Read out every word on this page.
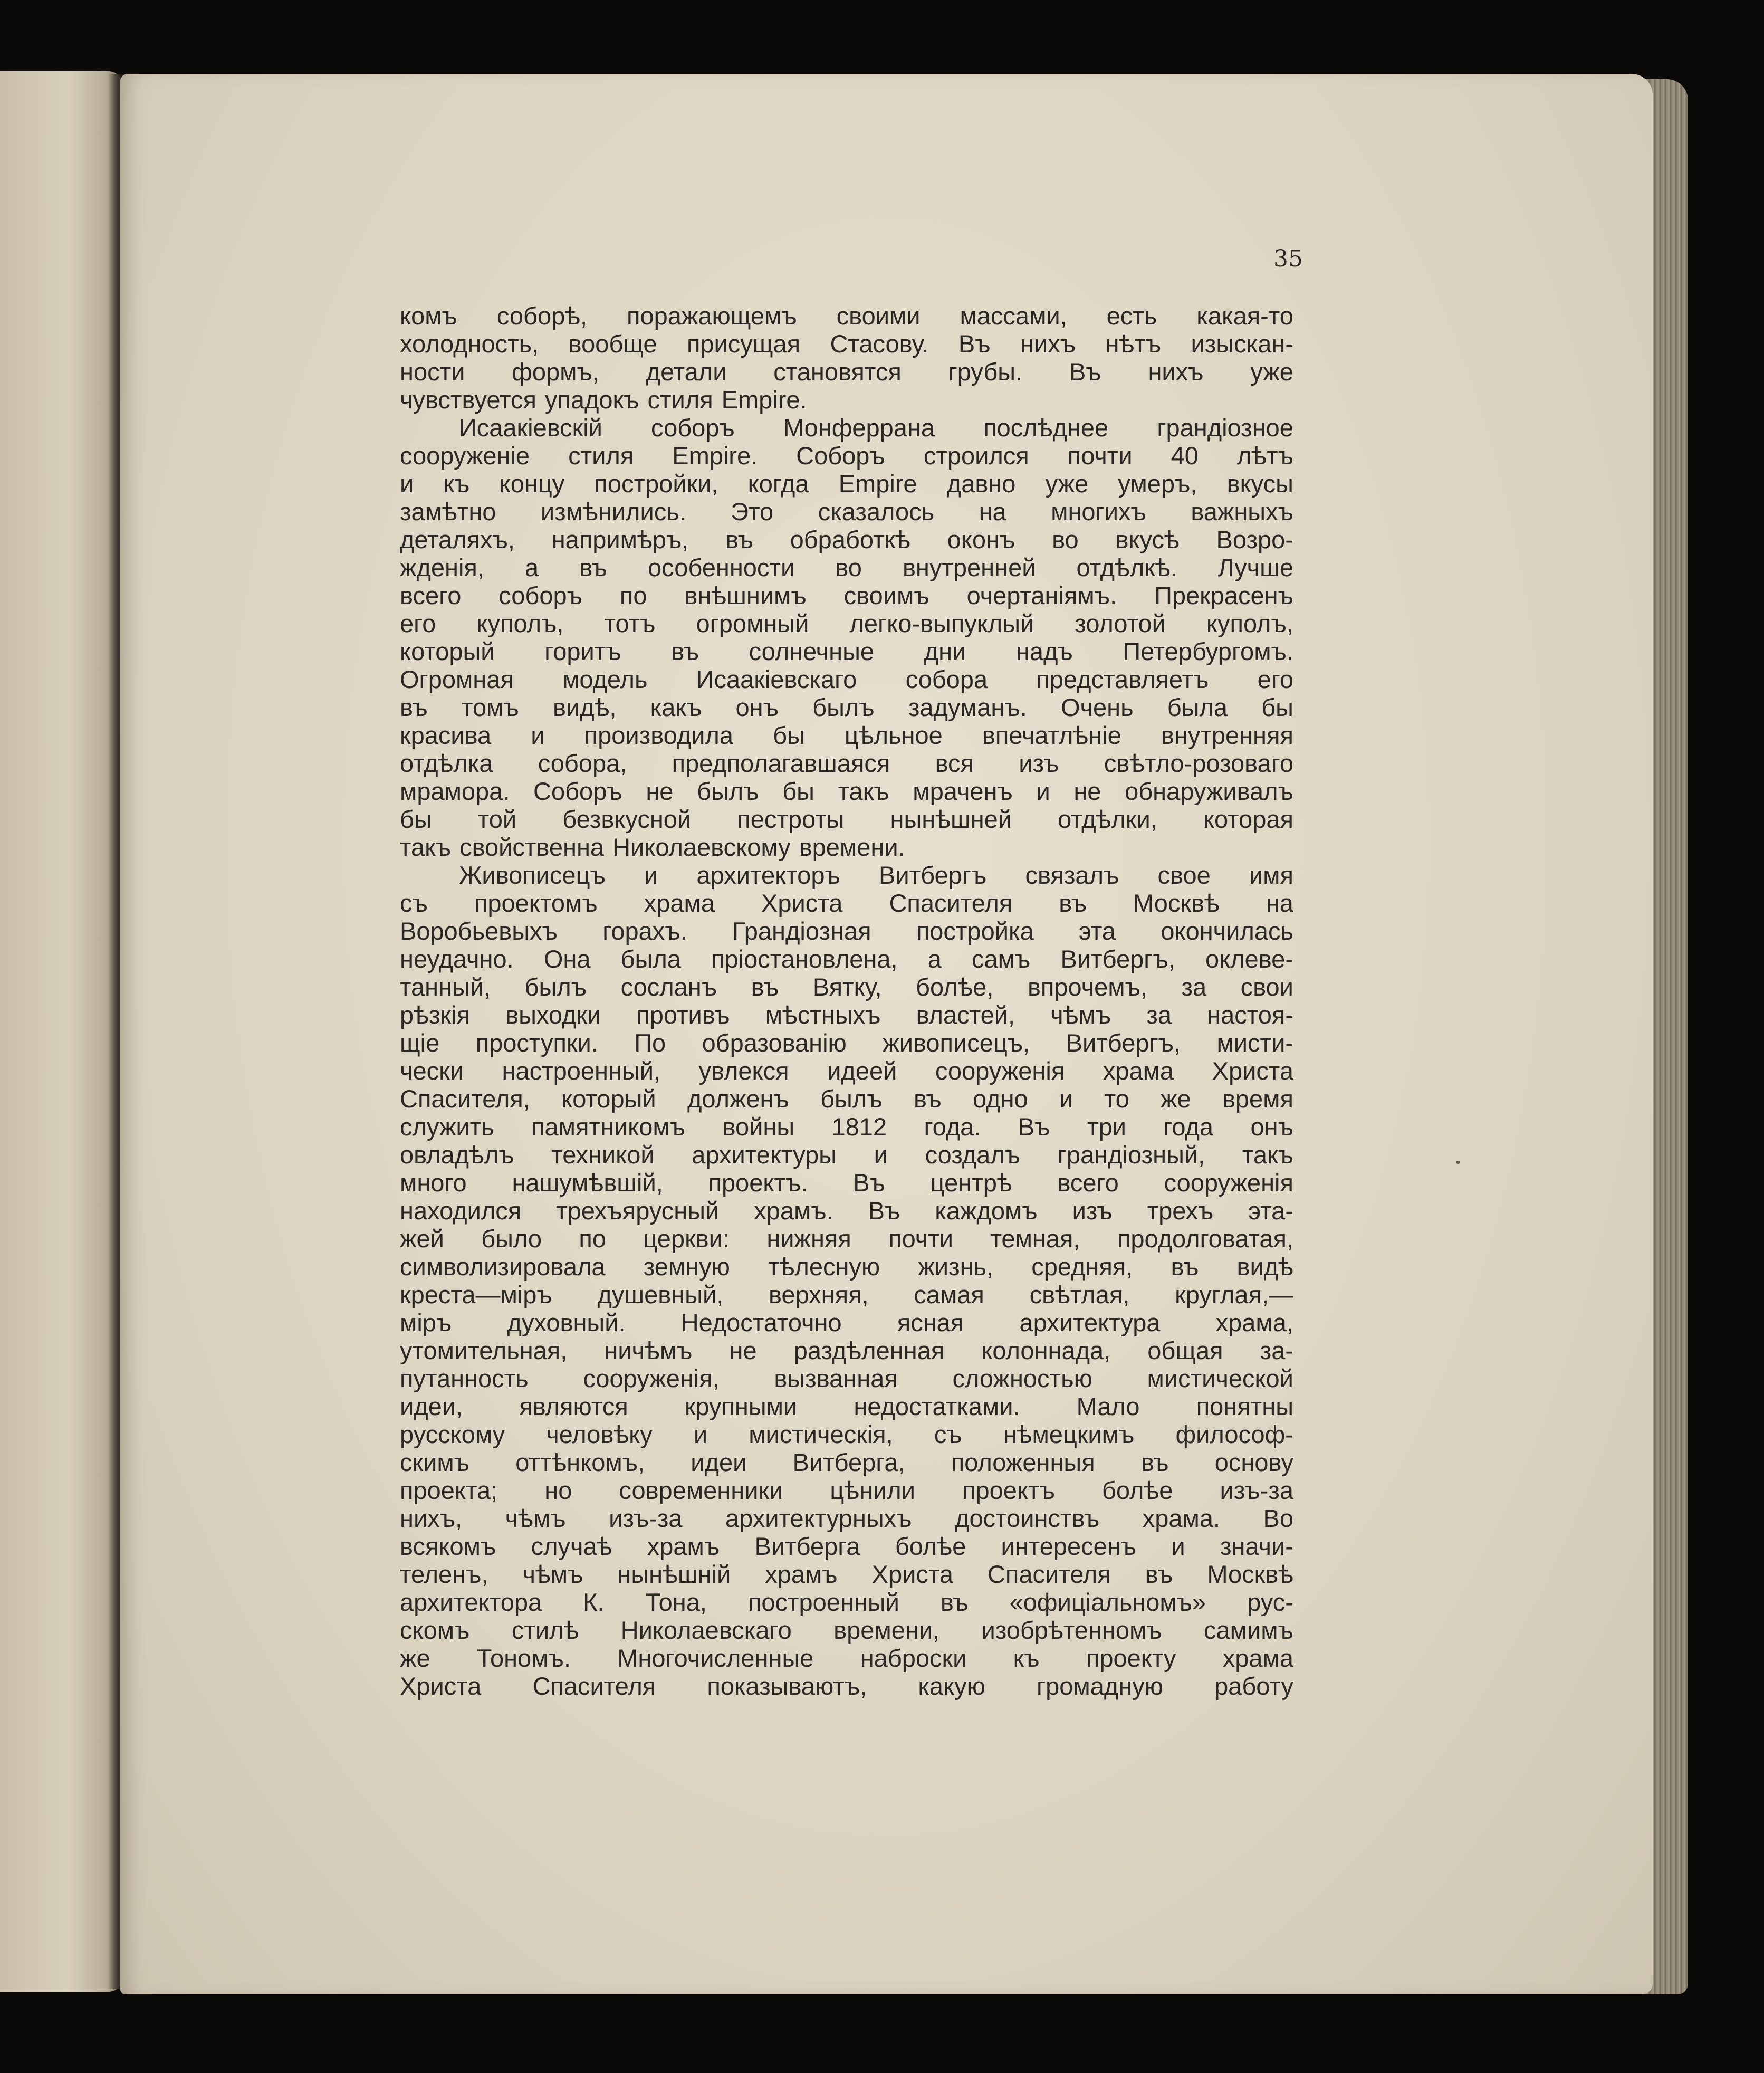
35
комъ соборѣ, поражающемъ своими массами, есть какая-то
холодность, вообще присущая Стасову. Въ нихъ нѣтъ изыскан-
ности формъ, детали становятся грубы. Въ нихъ уже
чувствуется упадокъ стиля Empire.
Исаакіевскій соборъ Монферрана послѣднее грандіозное
сооруженіе стиля Empire. Соборъ строился почти 40 лѣтъ
и къ концу постройки, когда Empire давно уже умеръ, вкусы
замѣтно измѣнились. Это сказалось на многихъ важныхъ
деталяхъ, напримѣръ, въ обработкѣ оконъ во вкусѣ Возро-
жденія, а въ особенности во внутренней отдѣлкѣ. Лучше
всего соборъ по внѣшнимъ своимъ очертаніямъ. Прекрасенъ
его куполъ, тотъ огромный легко-выпуклый золотой куполъ,
который горитъ въ солнечные дни надъ Петербургомъ.
Огромная модель Исаакіевскаго собора представляетъ его
въ томъ видѣ, какъ онъ былъ задуманъ. Очень была бы
красива и производила бы цѣльное впечатлѣніе внутренняя
отдѣлка собора, предполагавшаяся вся изъ свѣтло-розоваго
мрамора. Соборъ не былъ бы такъ мраченъ и не обнаруживалъ
бы той безвкусной пестроты нынѣшней отдѣлки, которая
такъ свойственна Николаевскому времени.
Живописецъ и архитекторъ Витбергъ связалъ свое имя
съ проектомъ храма Христа Спасителя въ Москвѣ на
Воробьевыхъ горахъ. Грандіозная постройка эта окончилась
неудачно. Она была пріостановлена, а самъ Витбергъ, оклеве-
танный, былъ сосланъ въ Вятку, болѣе, впрочемъ, за свои
рѣзкія выходки противъ мѣстныхъ властей, чѣмъ за настоя-
щіе проступки. По образованію живописецъ, Витбергъ, мисти-
чески настроенный, увлекся идеей сооруженія храма Христа
Спасителя, который долженъ былъ въ одно и то же время
служить памятникомъ войны 1812 года. Въ три года онъ
овладѣлъ техникой архитектуры и создалъ грандіозный, такъ
много нашумѣвшій, проектъ. Въ центрѣ всего сооруженія
находился трехъярусный храмъ. Въ каждомъ изъ трехъ эта-
жей было по церкви: нижняя почти темная, продолговатая,
символизировала земную тѣлесную жизнь, средняя, въ видѣ
креста—міръ душевный, верхняя, самая свѣтлая, круглая,—
міръ духовный. Недостаточно ясная архитектура храма,
утомительная, ничѣмъ не раздѣленная колоннада, общая за-
путанность сооруженія, вызванная сложностью мистической
идеи, являются крупными недостатками. Мало понятны
русскому человѣку и мистическія, съ нѣмецкимъ философ-
скимъ оттѣнкомъ, идеи Витберга, положенныя въ основу
проекта; но современники цѣнили проектъ болѣе изъ-за
нихъ, чѣмъ изъ-за архитектурныхъ достоинствъ храма. Во
всякомъ случаѣ храмъ Витберга болѣе интересенъ и значи-
теленъ, чѣмъ нынѣшній храмъ Христа Спасителя въ Москвѣ
архитектора К. Тона, построенный въ «офиціальномъ» рус-
скомъ стилѣ Николаевскаго времени, изобрѣтенномъ самимъ
же Тономъ. Многочисленные наброски къ проекту храма
Христа Спасителя показываютъ, какую громадную работу
